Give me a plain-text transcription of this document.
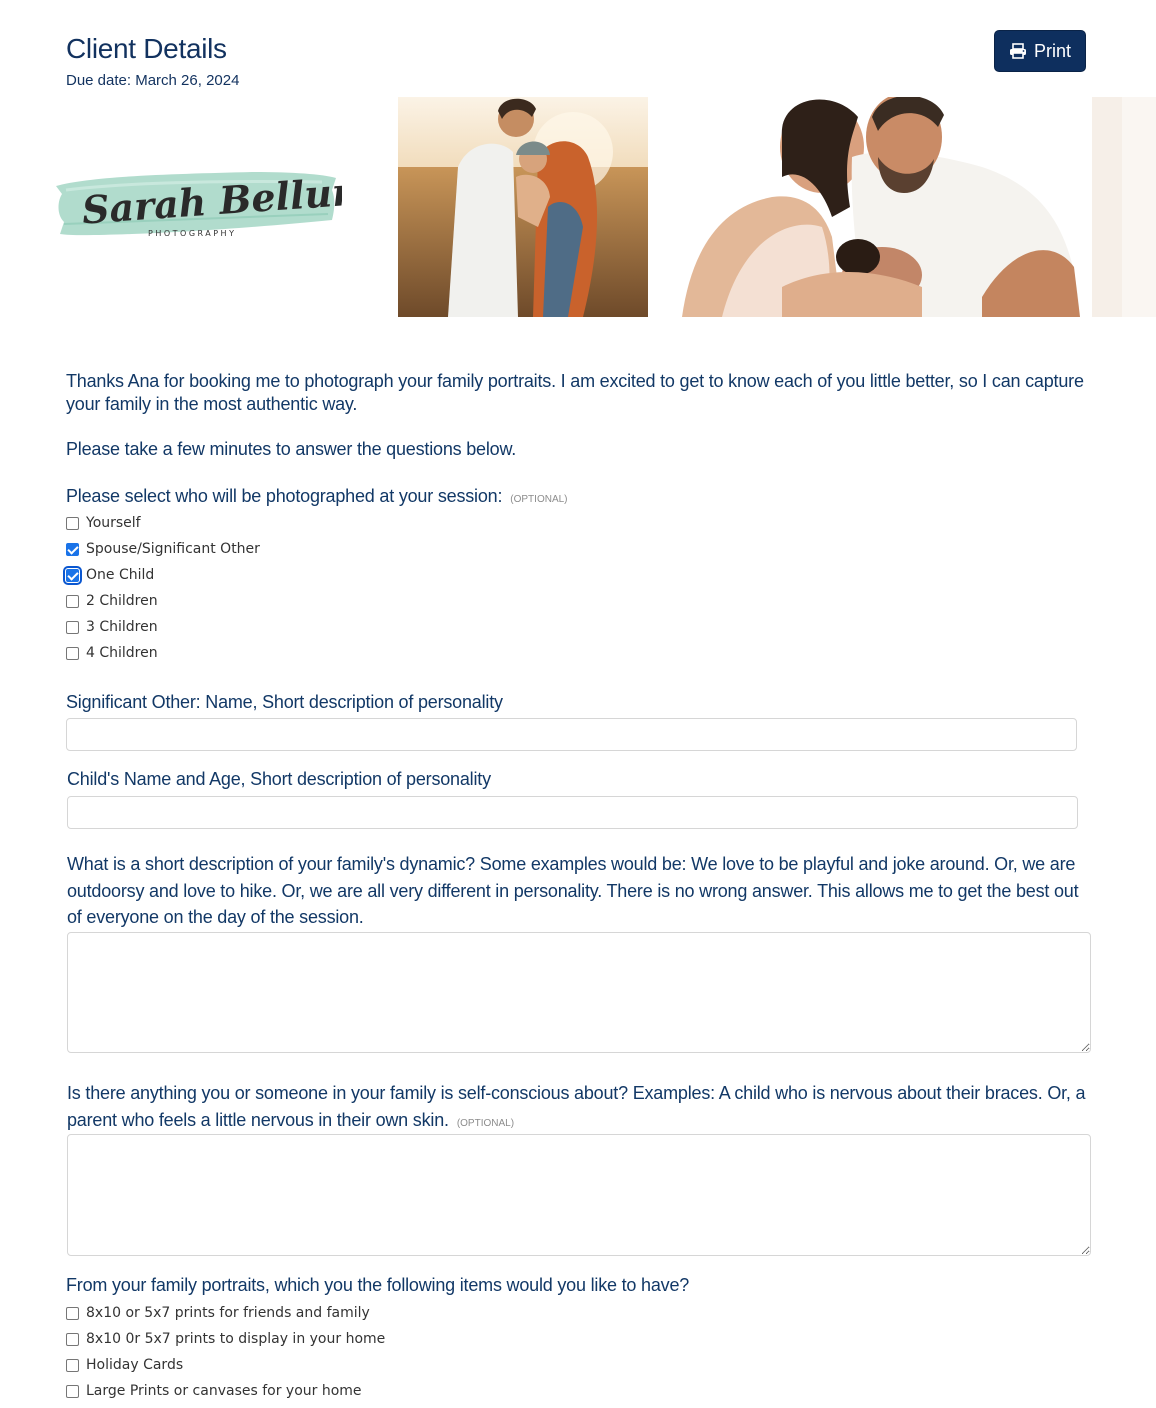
Client Details
Due date: March 26, 2024
Print
Sarah Bellum
PHOTOGRAPHY
Thanks Ana for booking me to photograph your family portraits. I am excited to get to know each of you little better, so I can capture your family in the most authentic way.
Please take a few minutes to answer the questions below.
Please select who will be photographed at your session: (OPTIONAL)
Yourself
Spouse/Significant Other
One Child
2 Children
3 Children
4 Children
Significant Other: Name, Short description of personality
Child's Name and Age, Short description of personality
What is a short description of your family's dynamic? Some examples would be: We love to be playful and joke around. Or, we are outdoorsy and love to hike. Or, we are all very different in personality. There is no wrong answer. This allows me to get the best out of everyone on the day of the session.
Is there anything you or someone in your family is self-conscious about? Examples: A child who is nervous about their braces. Or, a parent who feels a little nervous in their own skin. (OPTIONAL)
From your family portraits, which you the following items would you like to have?
8x10 or 5x7 prints for friends and family
8x10 0r 5x7 prints to display in your home
Holiday Cards
Large Prints or canvases for your home
